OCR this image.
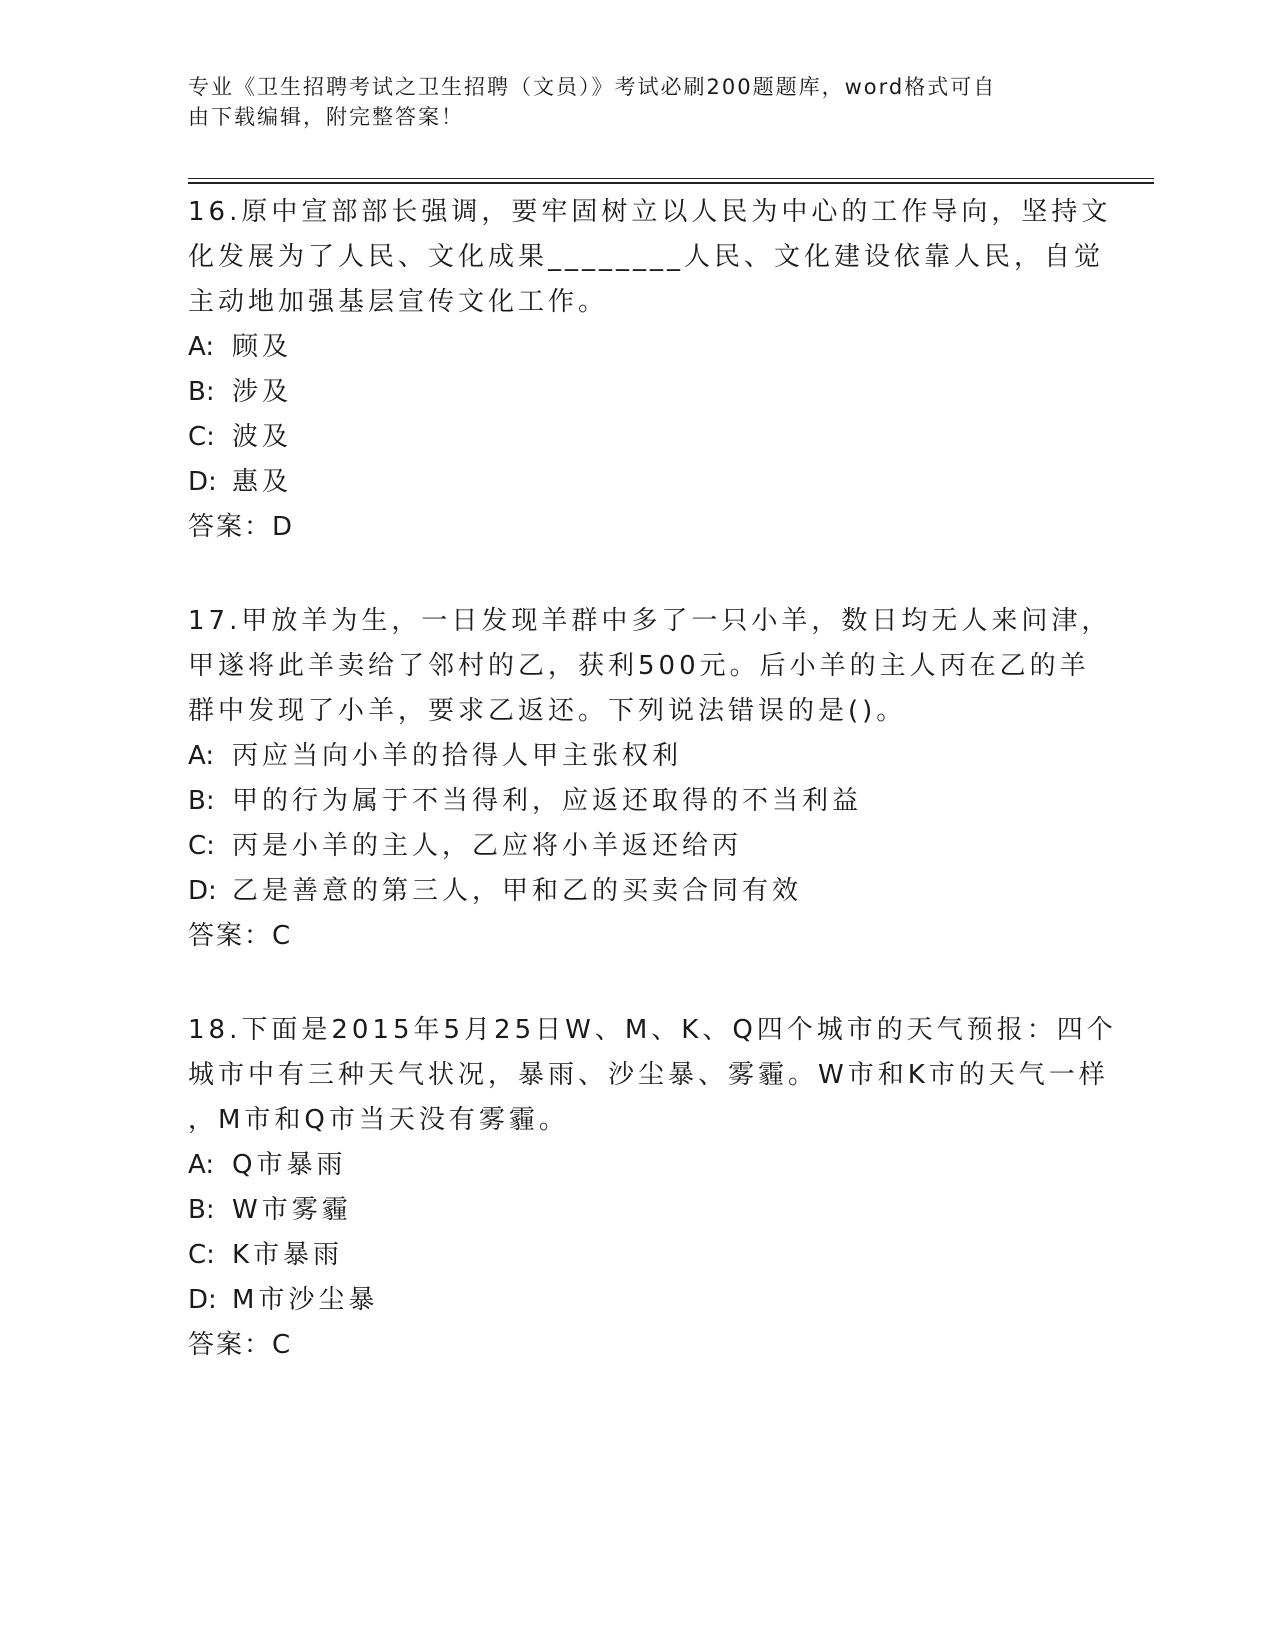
专业《卫生招聘考试之卫生招聘（文员）》考试必刷200题题库，word格式可自
由下载编辑，附完整答案！
16.原中宣部部长强调，要牢固树立以人民为中心的工作导向，坚持文
化发展为了人民、文化成果________人民、文化建设依靠人民，自觉
主动地加强基层宣传文化工作。
A: 顾及
B: 涉及
C: 波及
D: 惠及
答案：D
17.甲放羊为生，一日发现羊群中多了一只小羊，数日均无人来问津，
甲遂将此羊卖给了邻村的乙，获利500元。后小羊的主人丙在乙的羊
群中发现了小羊，要求乙返还。下列说法错误的是()。
A: 丙应当向小羊的拾得人甲主张权利
B: 甲的行为属于不当得利，应返还取得的不当利益
C: 丙是小羊的主人，乙应将小羊返还给丙
D: 乙是善意的第三人，甲和乙的买卖合同有效
答案：C
18.下面是2015年5月25日W、M、K、Q四个城市的天气预报：四个
城市中有三种天气状况，暴雨、沙尘暴、雾霾。W市和K市的天气一样
，M市和Q市当天没有雾霾。
A: Q市暴雨
B: W市雾霾
C: K市暴雨
D: M市沙尘暴
答案：C
